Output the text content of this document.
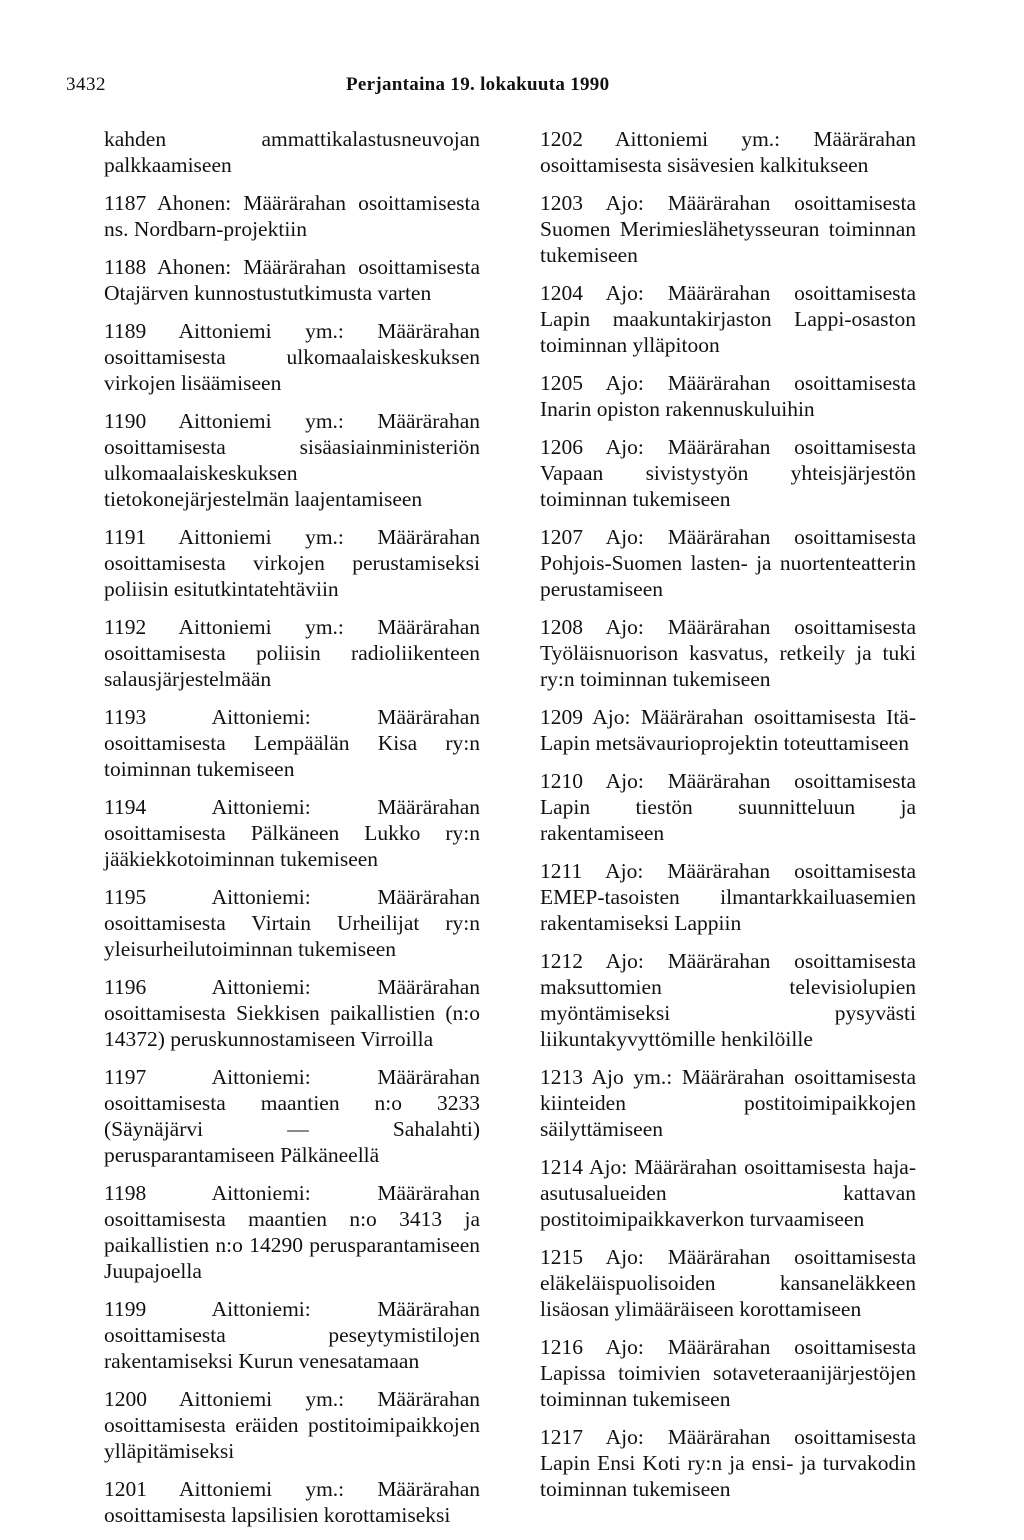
3432	Perjantaina 19. lokakuuta 1990

kahden ammattikalastusneuvojan palkkaamiseen

1187 Ahonen: Määrärahan osoittamisesta ns. Nordbarn-projektiin

1188 Ahonen: Määrärahan osoittamisesta Otajärven kunnostustutkimusta varten

1189 Aittoniemi ym.: Määrärahan osoittamisesta ulkomaalaiskeskuksen virkojen lisäämiseen

1190 Aittoniemi ym.: Määrärahan osoittamisesta sisäasiainministeriön ulkomaalaiskeskuksen tietokonejärjestelmän laajentamiseen

1191 Aittoniemi ym.: Määrärahan osoittamisesta virkojen perustamiseksi poliisin esitutkintatehtäviin

1192 Aittoniemi ym.: Määrärahan osoittamisesta poliisin radioliikenteen salausjärjestelmään

1193 Aittoniemi: Määrärahan osoittamisesta Lempäälän Kisa ry:n toiminnan tukemiseen

1194 Aittoniemi: Määrärahan osoittamisesta Pälkäneen Lukko ry:n jääkiekkotoiminnan tukemiseen

1195 Aittoniemi: Määrärahan osoittamisesta Virtain Urheilijat ry:n yleisurheilutoiminnan tukemiseen

1196 Aittoniemi: Määrärahan osoittamisesta Siekkisen paikallistien (n:o 14372) peruskunnostamiseen Virroilla

1197 Aittoniemi: Määrärahan osoittamisesta maantien n:o 3233 (Säynäjärvi — Sahalahti) perusparantamiseen Pälkäneellä

1198 Aittoniemi: Määrärahan osoittamisesta maantien n:o 3413 ja paikallistien n:o 14290 perusparantamiseen Juupajoella

1199 Aittoniemi: Määrärahan osoittamisesta peseytymistilojen rakentamiseksi Kurun venesatamaan

1200 Aittoniemi ym.: Määrärahan osoittamisesta eräiden postitoimipaikkojen ylläpitämiseksi

1201 Aittoniemi ym.: Määrärahan osoittamisesta lapsilisien korottamiseksi

1202 Aittoniemi ym.: Määrärahan osoittamisesta sisävesien kalkitukseen

1203 Ajo: Määrärahan osoittamisesta Suomen Merimieslähetysseuran toiminnan tukemiseen

1204 Ajo: Määrärahan osoittamisesta Lapin maakuntakirjaston Lappi-osaston toiminnan ylläpitoon

1205 Ajo: Määrärahan osoittamisesta Inarin opiston rakennuskuluihin

1206 Ajo: Määrärahan osoittamisesta Vapaan sivistystyön yhteisjärjestön toiminnan tukemiseen

1207 Ajo: Määrärahan osoittamisesta Pohjois-Suomen lasten- ja nuortenteatterin perustamiseen

1208 Ajo: Määrärahan osoittamisesta Työläisnuorison kasvatus, retkeily ja tuki ry:n toiminnan tukemiseen

1209 Ajo: Määrärahan osoittamisesta Itä-Lapin metsävaurioprojektin toteuttamiseen

1210 Ajo: Määrärahan osoittamisesta Lapin tiestön suunnitteluun ja rakentamiseen

1211 Ajo: Määrärahan osoittamisesta EMEP-tasoisten ilmantarkkailuasemien rakentamiseksi Lappiin

1212 Ajo: Määrärahan osoittamisesta maksuttomien televisiolupien myöntämiseksi pysyvästi liikuntakyvyttömille henkilöille

1213 Ajo ym.: Määrärahan osoittamisesta kiinteiden postitoimipaikkojen säilyttämiseen

1214 Ajo: Määrärahan osoittamisesta haja-asutusalueiden kattavan postitoimipaikkaverkon turvaamiseen

1215 Ajo: Määrärahan osoittamisesta eläkeläispuolisoiden kansaneläkkeen lisäosan ylimääräiseen korottamiseen

1216 Ajo: Määrärahan osoittamisesta Lapissa toimivien sotaveteraanijärjestöjen toiminnan tukemiseen

1217 Ajo: Määrärahan osoittamisesta Lapin Ensi Koti ry:n ja ensi- ja turvakodin toiminnan tukemiseen
